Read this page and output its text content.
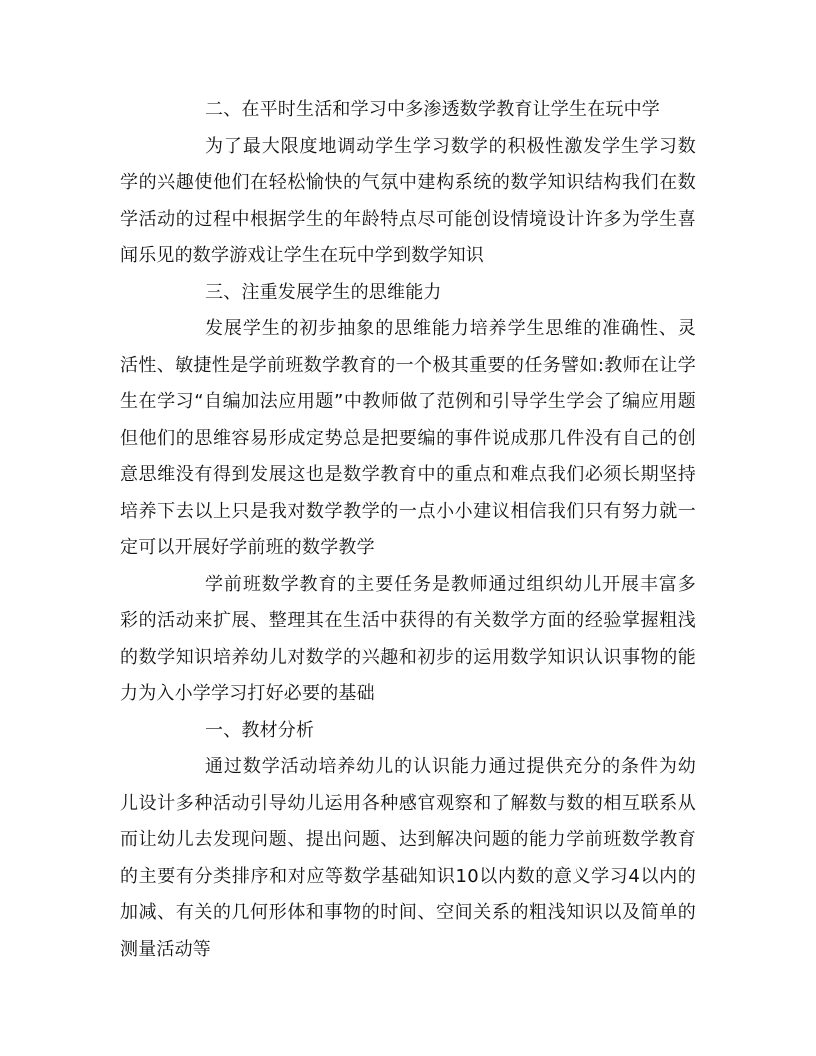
二、在平时生活和学习中多渗透数学教育让学生在玩中学

为了最大限度地调动学生学习数学的积极性激发学生学习数学的兴趣使他们在轻松愉快的气氛中建构系统的数学知识结构我们在数学活动的过程中根据学生的年龄特点尽可能创设情境设计许多为学生喜闻乐见的数学游戏让学生在玩中学到数学知识

三、注重发展学生的思维能力

发展学生的初步抽象的思维能力培养学生思维的准确性、灵活性、敏捷性是学前班数学教育的一个极其重要的任务譬如:教师在让学生在学习“自编加法应用题”中教师做了范例和引导学生学会了编应用题但他们的思维容易形成定势总是把要编的事件说成那几件没有自己的创意思维没有得到发展这也是数学教育中的重点和难点我们必须长期坚持培养下去以上只是我对数学教学的一点小小建议相信我们只有努力就一定可以开展好学前班的数学教学

学前班数学教育的主要任务是教师通过组织幼儿开展丰富多彩的活动来扩展、整理其在生活中获得的有关数学方面的经验掌握粗浅的数学知识培养幼儿对数学的兴趣和初步的运用数学知识认识事物的能力为入小学学习打好必要的基础

一、教材分析

通过数学活动培养幼儿的认识能力通过提供充分的条件为幼儿设计多种活动引导幼儿运用各种感官观察和了解数与数的相互联系从而让幼儿去发现问题、提出问题、达到解决问题的能力学前班数学教育的主要有分类排序和对应等数学基础知识10以内数的意义学习4以内的加减、有关的几何形体和事物的时间、空间关系的粗浅知识以及简单的测量活动等
